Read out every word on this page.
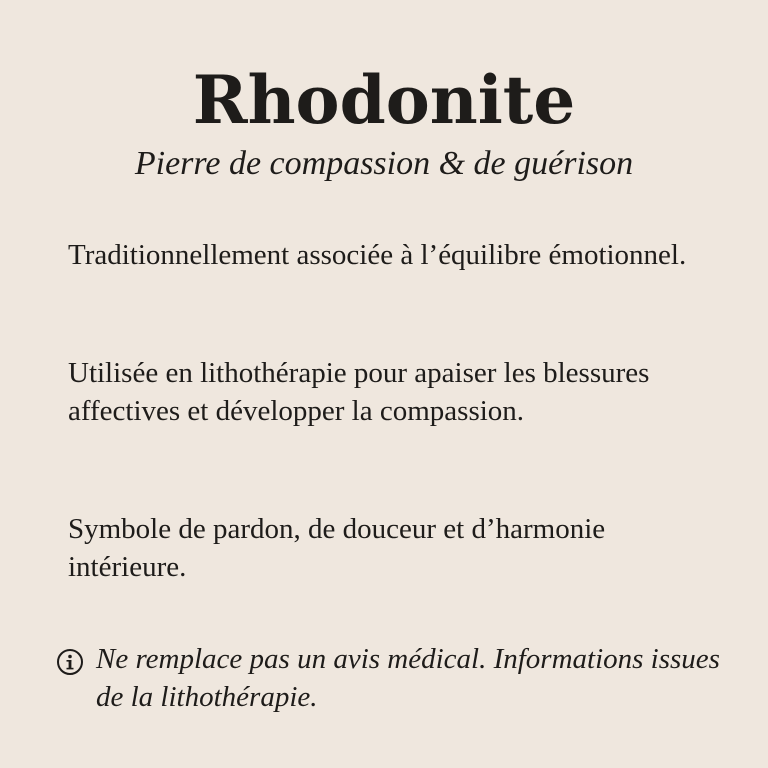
Rhodonite

Pierre de compassion & de guérison

Traditionnellement associée à l’équilibre émotionnel.

Utilisée en lithothérapie pour apaiser les blessures affectives et développer la compassion.

Symbole de pardon, de douceur et d’harmonie intérieure.

Ne remplace pas un avis médical. Informations issues de la lithothérapie.
